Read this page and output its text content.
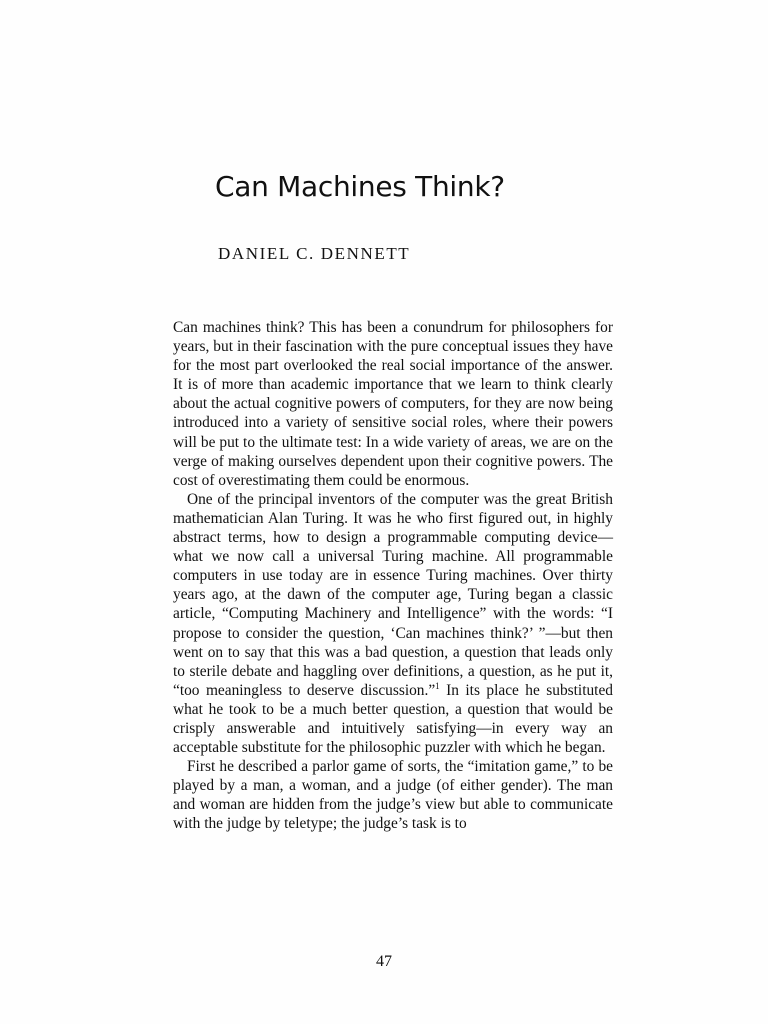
Can Machines Think?
DANIEL C. DENNETT

Can machines think? This has been a conundrum for philosophers for years, but in their fascination with the pure conceptual issues they have for the most part overlooked the real social importance of the answer. It is of more than academic importance that we learn to think clearly about the actual cognitive powers of computers, for they are now being introduced into a variety of sensitive social roles, where their powers will be put to the ultimate test: In a wide variety of areas, we are on the verge of making ourselves dependent upon their cognitive powers. The cost of overestimating them could be enormous.

One of the principal inventors of the computer was the great British mathematician Alan Turing. It was he who first figured out, in highly abstract terms, how to design a programmable computing device—what we now call a universal Turing machine. All programmable computers in use today are in essence Turing machines. Over thirty years ago, at the dawn of the computer age, Turing began a classic article, “Computing Machinery and Intelligence” with the words: “I propose to consider the question, ‘Can machines think?’ ”—but then went on to say that this was a bad question, a question that leads only to sterile debate and haggling over definitions, a question, as he put it, “too meaningless to deserve discussion.”$^1$ In its place he substituted what he took to be a much better question, a question that would be crisply answerable and intuitively satisfying—in every way an acceptable substitute for the philosophic puzzler with which he began.

First he described a parlor game of sorts, the “imitation game,” to be played by a man, a woman, and a judge (of either gender). The man and woman are hidden from the judge’s view but able to communicate with the judge by teletype; the judge’s task is to

47
